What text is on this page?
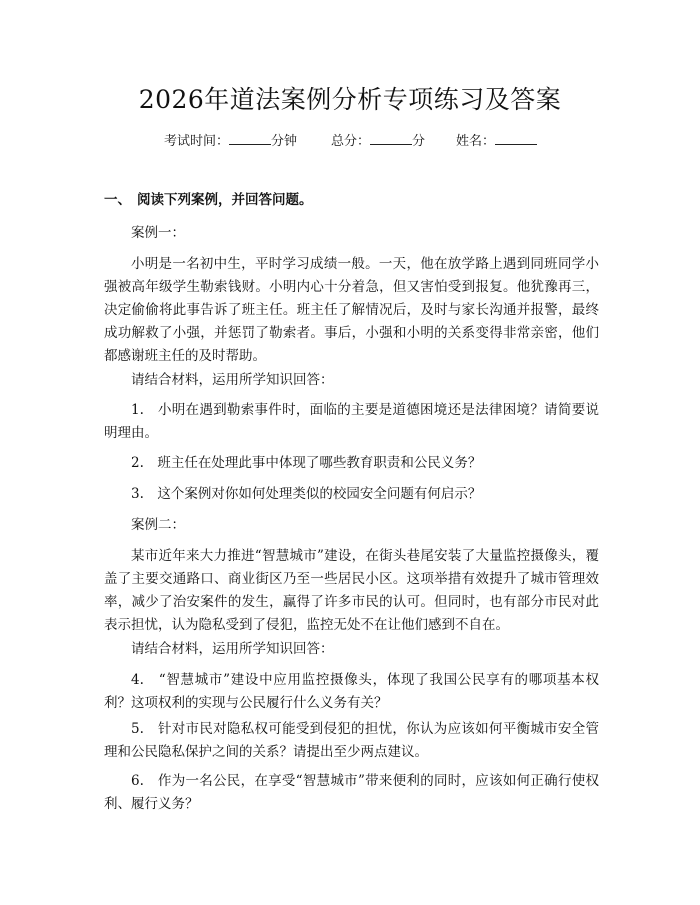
2026年道法案例分析专项练习及答案
考试时间：	分钟	总分：	分 姓名：
一、 阅读下列案例，并回答问题。
案例一：
小明是一名初中生，平时学习成绩一般。一天，他在放学路上遇到同班同学小强被高年级学生勒索钱财。小明内心十分着急，但又害怕受到报复。他犹豫再三，决定偷偷将此事告诉了班主任。班主任了解情况后，及时与家长沟通并报警，最终成功解救了小强，并惩罚了勒索者。事后，小强和小明的关系变得非常亲密，他们都感谢班主任的及时帮助。
请结合材料，运用所学知识回答：
1.　小明在遇到勒索事件时，面临的主要是道德困境还是法律困境？请简要说明理由。
2.　班主任在处理此事中体现了哪些教育职责和公民义务？
3.　这个案例对你如何处理类似的校园安全问题有何启示？
案例二：
某市近年来大力推进“智慧城市”建设，在街头巷尾安装了大量监控摄像头，覆盖了主要交通路口、商业街区乃至一些居民小区。这项举措有效提升了城市管理效率，减少了治安案件的发生，赢得了许多市民的认可。但同时，也有部分市民对此表示担忧，认为隐私受到了侵犯，监控无处不在让他们感到不自在。
请结合材料，运用所学知识回答：
4.　“智慧城市”建设中应用监控摄像头，体现了我国公民享有的哪项基本权利？这项权利的实现与公民履行什么义务有关？
5.　针对市民对隐私权可能受到侵犯的担忧，你认为应该如何平衡城市安全管理和公民隐私保护之间的关系？请提出至少两点建议。
6.　作为一名公民，在享受“智慧城市”带来便利的同时，应该如何正确行使权利、履行义务？
